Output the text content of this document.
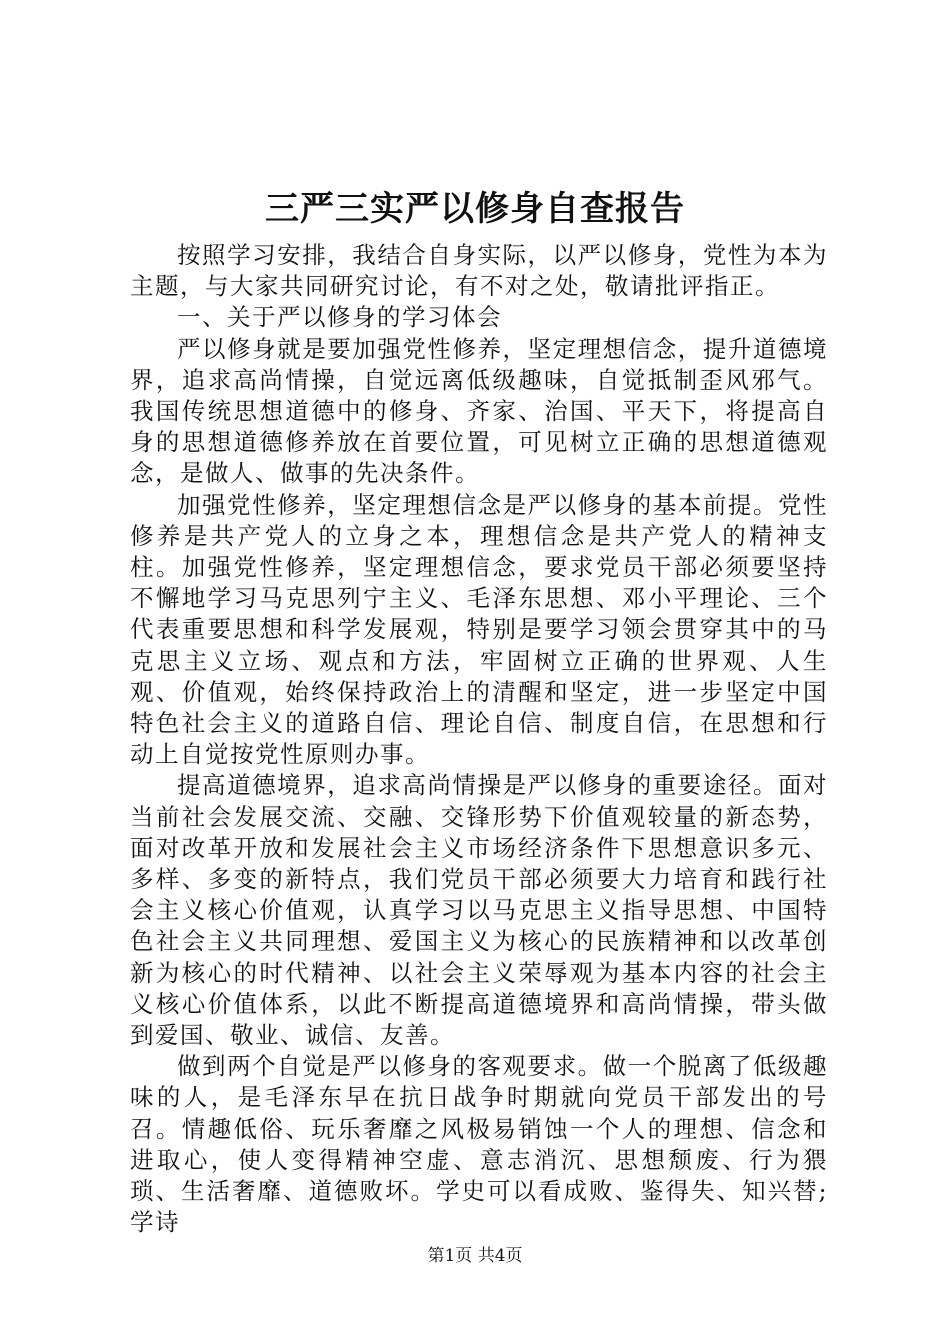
三严三实严以修身自查报告

按照学习安排，我结合自身实际，以严以修身，党性为本为主题，与大家共同研究讨论，有不对之处，敬请批评指正。

一、关于严以修身的学习体会

严以修身就是要加强党性修养，坚定理想信念，提升道德境界，追求高尚情操，自觉远离低级趣味，自觉抵制歪风邪气。我国传统思想道德中的修身、齐家、治国、平天下，将提高自身的思想道德修养放在首要位置，可见树立正确的思想道德观念，是做人、做事的先决条件。

加强党性修养，坚定理想信念是严以修身的基本前提。党性修养是共产党人的立身之本，理想信念是共产党人的精神支柱。加强党性修养，坚定理想信念，要求党员干部必须要坚持不懈地学习马克思列宁主义、毛泽东思想、邓小平理论、三个代表重要思想和科学发展观，特别是要学习领会贯穿其中的马克思主义立场、观点和方法，牢固树立正确的世界观、人生观、价值观，始终保持政治上的清醒和坚定，进一步坚定中国特色社会主义的道路自信、理论自信、制度自信，在思想和行动上自觉按党性原则办事。

提高道德境界，追求高尚情操是严以修身的重要途径。面对当前社会发展交流、交融、交锋形势下价值观较量的新态势，面对改革开放和发展社会主义市场经济条件下思想意识多元、多样、多变的新特点，我们党员干部必须要大力培育和践行社会主义核心价值观，认真学习以马克思主义指导思想、中国特色社会主义共同理想、爱国主义为核心的民族精神和以改革创新为核心的时代精神、以社会主义荣辱观为基本内容的社会主义核心价值体系，以此不断提高道德境界和高尚情操，带头做到爱国、敬业、诚信、友善。

做到两个自觉是严以修身的客观要求。做一个脱离了低级趣味的人，是毛泽东早在抗日战争时期就向党员干部发出的号召。情趣低俗、玩乐奢靡之风极易销蚀一个人的理想、信念和进取心，使人变得精神空虚、意志消沉、思想颓废、行为猥琐、生活奢靡、道德败坏。学史可以看成败、鉴得失、知兴替;学诗

第1页 共4页
